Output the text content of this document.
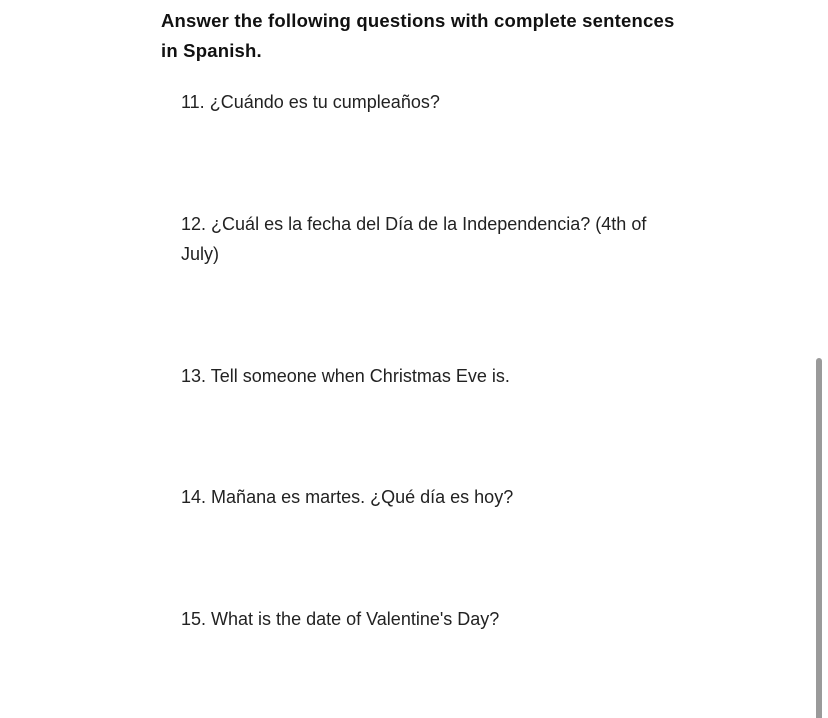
Answer the following questions with complete sentences in Spanish.

11. ¿Cuándo es tu cumpleaños?
12. ¿Cuál es la fecha del Día de la Independencia? (4th of July)
13. Tell someone when Christmas Eve is.
14. Mañana es martes. ¿Qué día es hoy?
15. What is the date of Valentine's Day?
